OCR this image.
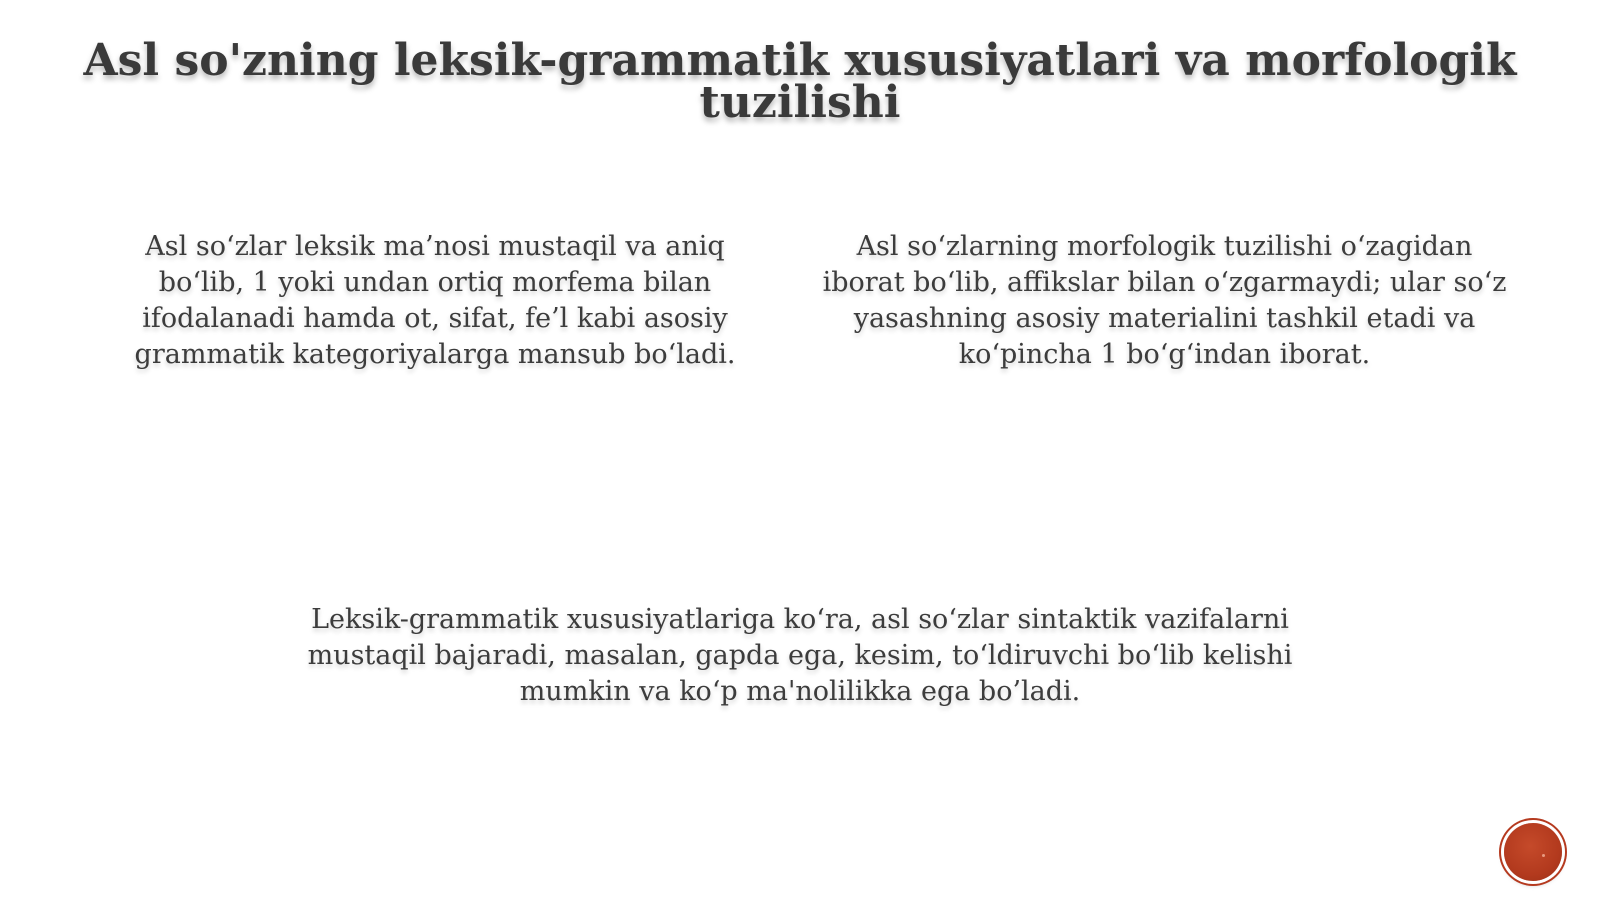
Asl so'zning leksik-grammatik xususiyatlari va morfologik tuzilishi
Asl so‘zlar leksik ma’nosi mustaqil va aniq bo‘lib, 1 yoki undan ortiq morfema bilan ifodalanadi hamda ot, sifat, fe’l kabi asosiy grammatik kategoriyalarga mansub bo‘ladi.
Asl so‘zlarning morfologik tuzilishi o‘zagidan iborat bo‘lib, affikslar bilan o‘zgarmaydi; ular so‘z yasashning asosiy materialini tashkil etadi va ko‘pincha 1 bo‘g‘indan iborat.
Leksik-grammatik xususiyatlariga ko‘ra, asl so‘zlar sintaktik vazifalarni mustaqil bajaradi, masalan, gapda ega, kesim, to‘ldiruvchi bo‘lib kelishi mumkin va ko‘p ma'nolilikka ega bo’ladi.
